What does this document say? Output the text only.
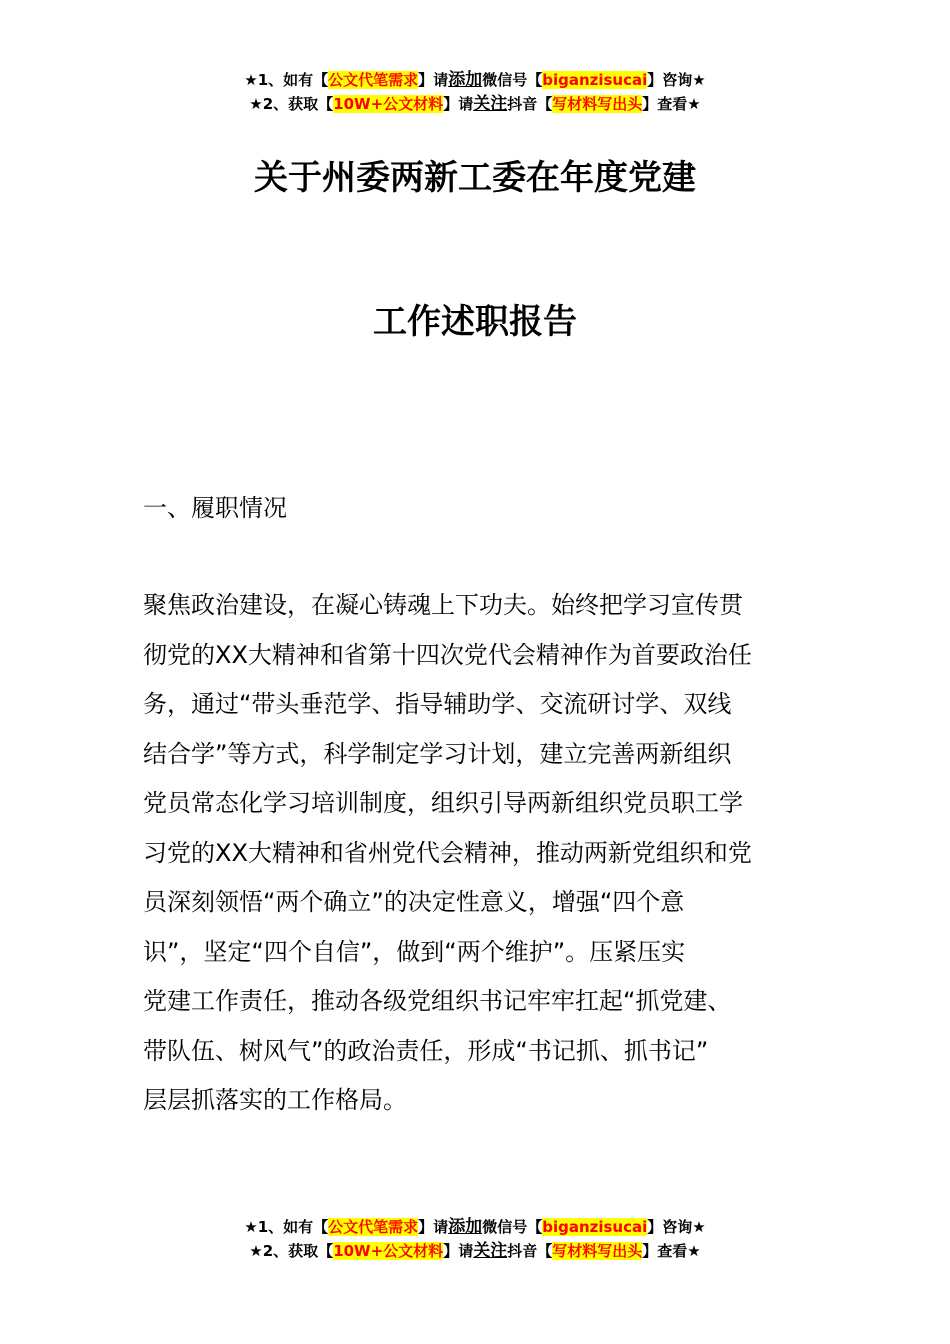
★1、如有【公文代笔需求】请添加微信号【biganzisucai】咨询★
★2、获取【10W+公文材料】请关注抖音【写材料写出头】查看★
关于州委两新工委在年度党建
工作述职报告
一、履职情况
聚焦政治建设，在凝心铸魂上下功夫。始终把学习宣传贯
彻党的XX大精神和省第十四次党代会精神作为首要政治任
务，通过“带头垂范学、指导辅助学、交流研讨学、双线
结合学”等方式，科学制定学习计划，建立完善两新组织
党员常态化学习培训制度，组织引导两新组织党员职工学
习党的XX大精神和省州党代会精神，推动两新党组织和党
员深刻领悟“两个确立”的决定性意义，增强“四个意
识”，坚定“四个自信”，做到“两个维护”。压紧压实
党建工作责任，推动各级党组织书记牢牢扛起“抓党建、
带队伍、树风气”的政治责任，形成“书记抓、抓书记”
层层抓落实的工作格局。
★1、如有【公文代笔需求】请添加微信号【biganzisucai】咨询★
★2、获取【10W+公文材料】请关注抖音【写材料写出头】查看★
